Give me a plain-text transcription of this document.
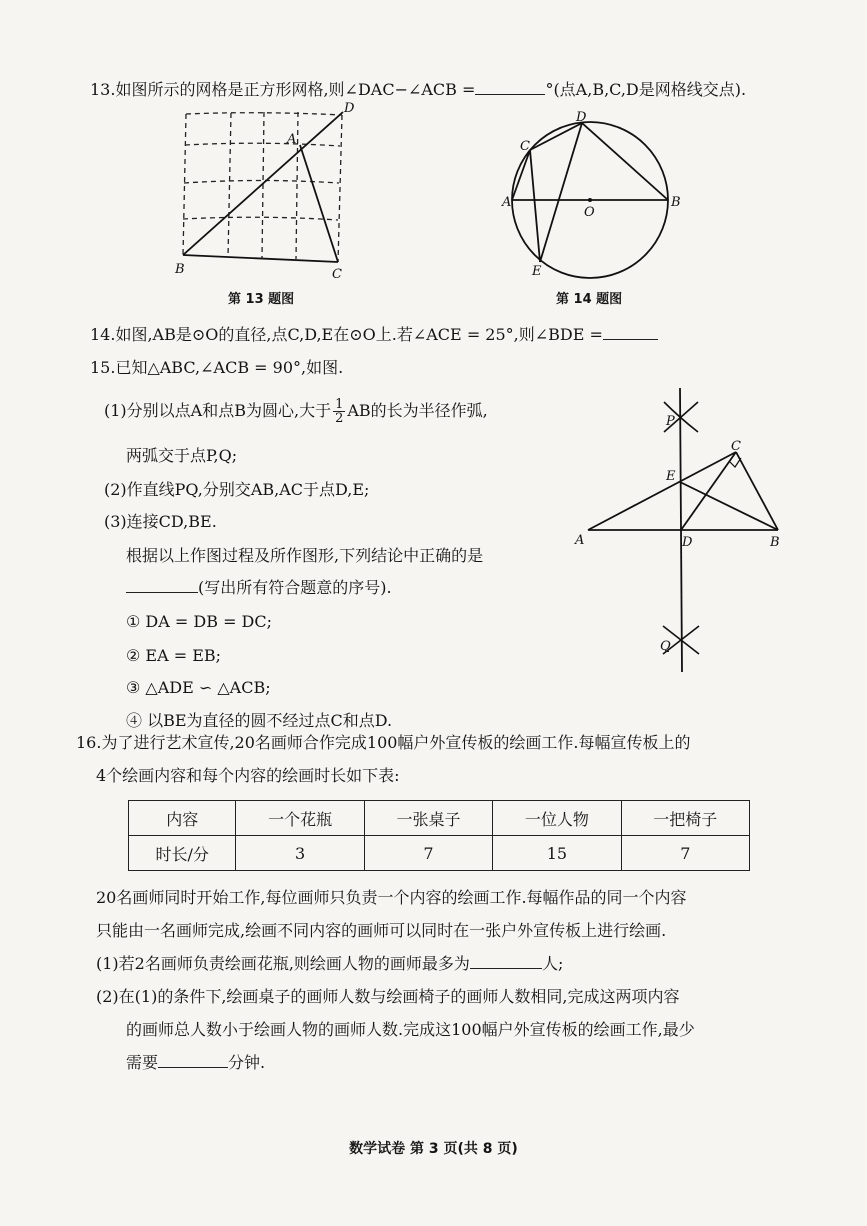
13.如图所示的网格是正方形网格,则∠DAC−∠ACB =	°(点A,B,C,D是网格线交点).
B	C
A
D
第 13 题图
A	B
C
D
E
O
第 14 题图
14.如图,AB是⊙O的直径,点C,D,E在⊙O上.若∠ACE = 25°,则∠BDE =
15.已知△ABC,∠ACB = 90°,如图.
(1)分别以点A和点B为圆心,大于 $\frac{1}{2}$ AB的长为半径作弧,
两弧交于点P,Q;
(2)作直线PQ,分别交AB,AC于点D,E;
(3)连接CD,BE.
根据以上作图过程及所作图形,下列结论中正确的是
(写出所有符合题意的序号).
① DA = DB = DC;
② EA = EB;
③ △ADE ∽ △ACB;
④ 以BE为直径的圆不经过点C和点D.
P
Q
C
E
A	D	B
16.为了进行艺术宣传,20名画师合作完成100幅户外宣传板的绘画工作.每幅宣传板上的
4个绘画内容和每个内容的绘画时长如下表:
内容	一个花瓶	一张桌子	一位人物	一把椅子
时长/分	3	7	15	7
20名画师同时开始工作,每位画师只负责一个内容的绘画工作.每幅作品的同一个内容
只能由一名画师完成,绘画不同内容的画师可以同时在一张户外宣传板上进行绘画.
(1)若2名画师负责绘画花瓶,则绘画人物的画师最多为	人;
(2)在(1)的条件下,绘画桌子的画师人数与绘画椅子的画师人数相同,完成这两项内容
的画师总人数小于绘画人物的画师人数.完成这100幅户外宣传板的绘画工作,最少
需要	分钟.
数学试卷 第 3 页(共 8 页)
